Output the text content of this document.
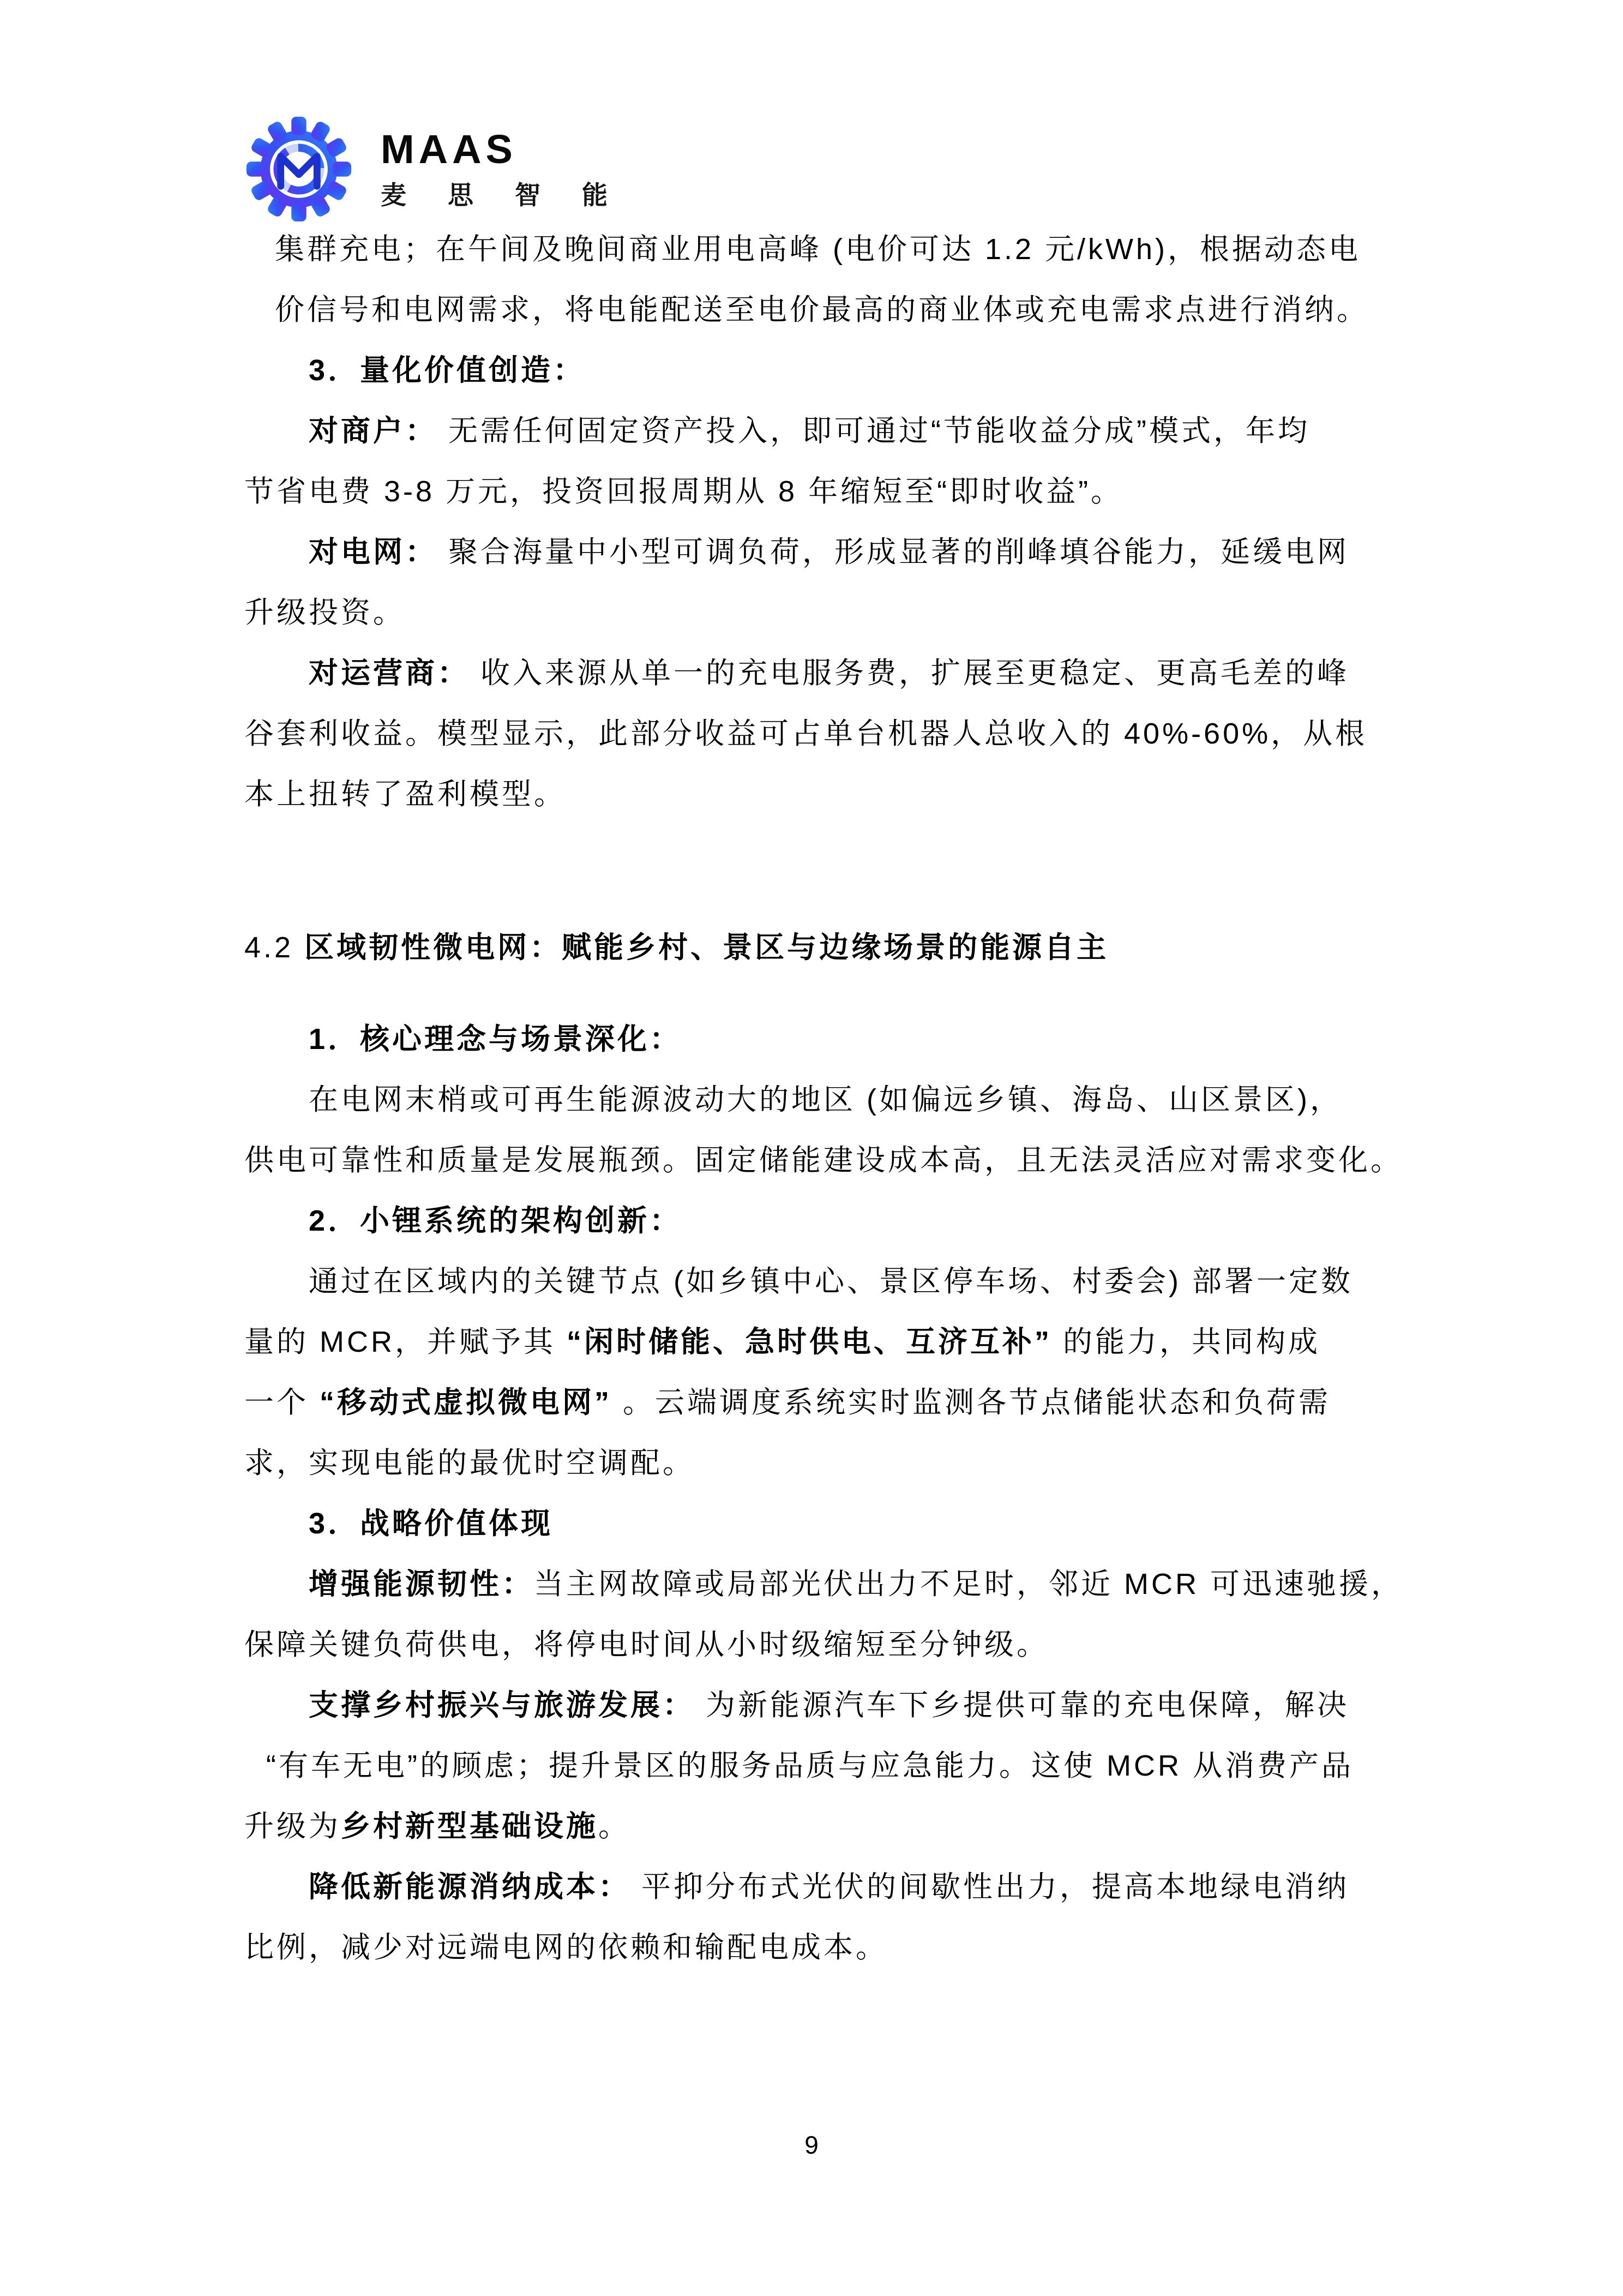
MAAS
麦思智能
集群充电；在午间及晚间商业用电高峰 (电价可达 1.2 元/kWh)，根据动态电
价信号和电网需求，将电能配送至电价最高的商业体或充电需求点进行消纳。
3．量化价值创造：
对商户： 无需任何固定资产投入，即可通过“节能收益分成”模式，年均
节省电费 3-8 万元，投资回报周期从 8 年缩短至“即时收益”。
对电网： 聚合海量中小型可调负荷，形成显著的削峰填谷能力，延缓电网
升级投资。
对运营商： 收入来源从单一的充电服务费，扩展至更稳定、更高毛差的峰
谷套利收益。模型显示，此部分收益可占单台机器人总收入的 40%-60%，从根
本上扭转了盈利模型。
4.2 区域韧性微电网：赋能乡村、景区与边缘场景的能源自主
1．核心理念与场景深化：
在电网末梢或可再生能源波动大的地区 (如偏远乡镇、海岛、山区景区)，
供电可靠性和质量是发展瓶颈。固定储能建设成本高，且无法灵活应对需求变化。
2．小锂系统的架构创新：
通过在区域内的关键节点 (如乡镇中心、景区停车场、村委会) 部署一定数
量的 MCR，并赋予其 “闲时储能、急时供电、互济互补” 的能力，共同构成
一个 “移动式虚拟微电网” 。云端调度系统实时监测各节点储能状态和负荷需
求，实现电能的最优时空调配。
3．战略价值体现
增强能源韧性：当主网故障或局部光伏出力不足时，邻近 MCR 可迅速驰援，
保障关键负荷供电，将停电时间从小时级缩短至分钟级。
支撑乡村振兴与旅游发展： 为新能源汽车下乡提供可靠的充电保障，解决
“有车无电”的顾虑；提升景区的服务品质与应急能力。这使 MCR 从消费产品
升级为乡村新型基础设施。
降低新能源消纳成本： 平抑分布式光伏的间歇性出力，提高本地绿电消纳
比例，减少对远端电网的依赖和输配电成本。
9
